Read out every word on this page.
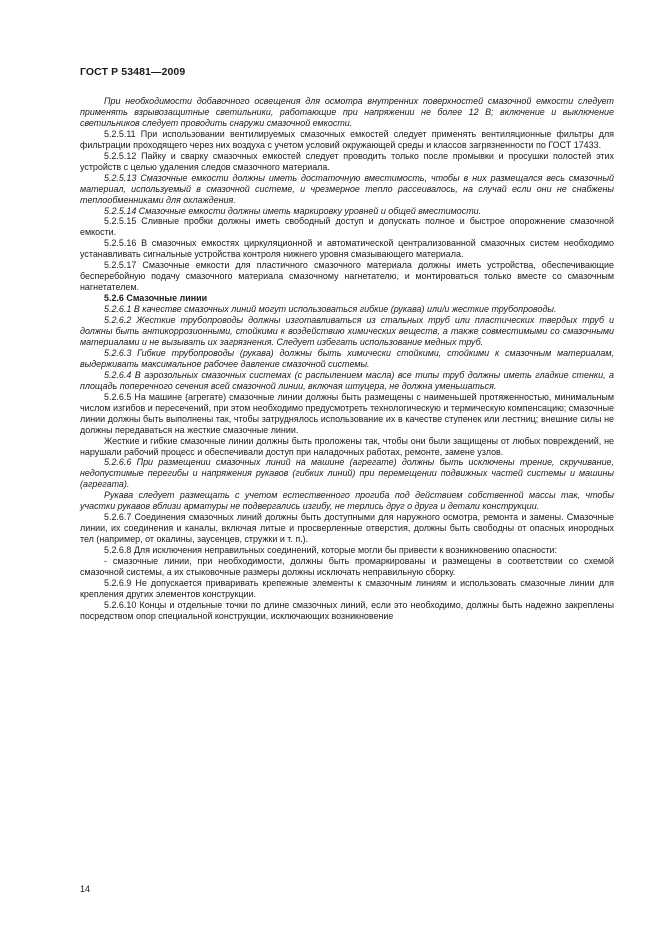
ГОСТ Р 53481—2009

При необходимости добавочного освещения для осмотра внутренних поверхностей смазочной емкости следует применять взрывозащитные светильники, работающие при напряжении не более 12 В; включение и выключение светильников следует проводить снаружи смазочной емкости.

5.2.5.11 При использовании вентилируемых смазочных емкостей следует применять вентиляционные фильтры для фильтрации проходящего через них воздуха с учетом условий окружающей среды и классов загрязненности по ГОСТ 17433.

5.2.5.12 Пайку и сварку смазочных емкостей следует проводить только после промывки и просушки полостей этих устройств с целью удаления следов смазочного материала.

5.2.5.13 Смазочные емкости должны иметь достаточную вместимость, чтобы в них размещался весь смазочный материал, используемый в смазочной системе, и чрезмерное тепло рассеивалось, на случай если они не снабжены теплообменниками для охлаждения.

5.2.5.14 Смазочные емкости должны иметь маркировку уровней и общей вместимости.

5.2.5.15 Сливные пробки должны иметь свободный доступ и допускать полное и быстрое опорожнение смазочной емкости.

5.2.5.16 В смазочных емкостях циркуляционной и автоматической централизованной смазочных систем необходимо устанавливать сигнальные устройства контроля нижнего уровня смазывающего материала.

5.2.5.17 Смазочные емкости для пластичного смазочного материала должны иметь устройства, обеспечивающие бесперебойную подачу смазочного материала смазочному нагнетателю, и монтироваться только вместе со смазочным нагнетателем.

5.2.6 Смазочные линии

5.2.6.1 В качестве смазочных линий могут использоваться гибкие (рукава) или/и жесткие трубопроводы.

5.2.6.2 Жесткие трубопроводы должны изготавливаться из стальных труб или пластических твердых труб и должны быть антикоррозионными, стойкими к воздействию химических веществ, а также совместимыми со смазочными материалами и не вызывать их загрязнения. Следует избегать использование медных труб.

5.2.6.3 Гибкие трубопроводы (рукава) должны быть химически стойкими, стойкими к смазочным материалам, выдерживать максимальное рабочее давление смазочной системы.

5.2.6.4 В аэрозольных смазочных системах (с распылением масла) все типы труб должны иметь гладкие стенки, а площадь поперечного сечения всей смазочной линии, включая штуцера, не должна уменьшаться.

5.2.6.5 На машине (агрегате) смазочные линии должны быть размещены с наименьшей протяженностью, минимальным числом изгибов и пересечений, при этом необходимо предусмотреть технологическую и термическую компенсацию; смазочные линии должны быть выполнены так, чтобы затруднялось использование их в качестве ступенек или лестниц; внешние силы не должны передаваться на жесткие смазочные линии.

Жесткие и гибкие смазочные линии должны быть проложены так, чтобы они были защищены от любых повреждений, не нарушали рабочий процесс и обеспечивали доступ при наладочных работах, ремонте, замене узлов.

5.2.6.6 При размещении смазочных линий на машине (агрегате) должны быть исключены трение, скручивание, недопустимые перегибы и напряжения рукавов (гибких линий) при перемещении подвижных частей системы и машины (агрегата).

Рукава следует размещать с учетом естественного прогиба под действием собственной массы так, чтобы участки рукавов вблизи арматуры не подвергались изгибу, не терлись друг о друга и детали конструкции.

5.2.6.7 Соединения смазочных линий должны быть доступными для наружного осмотра, ремонта и замены. Смазочные линии, их соединения и каналы, включая литые и просверленные отверстия, должны быть свободны от опасных инородных тел (например, от окалины, заусенцев, стружки и т. п.).

5.2.6.8 Для исключения неправильных соединений, которые могли бы привести к возникновению опасности:

- смазочные линии, при необходимости, должны быть промаркированы и размещены в соответствии со схемой смазочной системы, а их стыковочные размеры должны исключать неправильную сборку.

5.2.6.9 Не допускается приваривать крепежные элементы к смазочным линиям и использовать смазочные линии для крепления других элементов конструкции.

5.2.6.10 Концы и отдельные точки по длине смазочных линий, если это необходимо, должны быть надежно закреплены посредством опор специальной конструкции, исключающих возникновение

14
